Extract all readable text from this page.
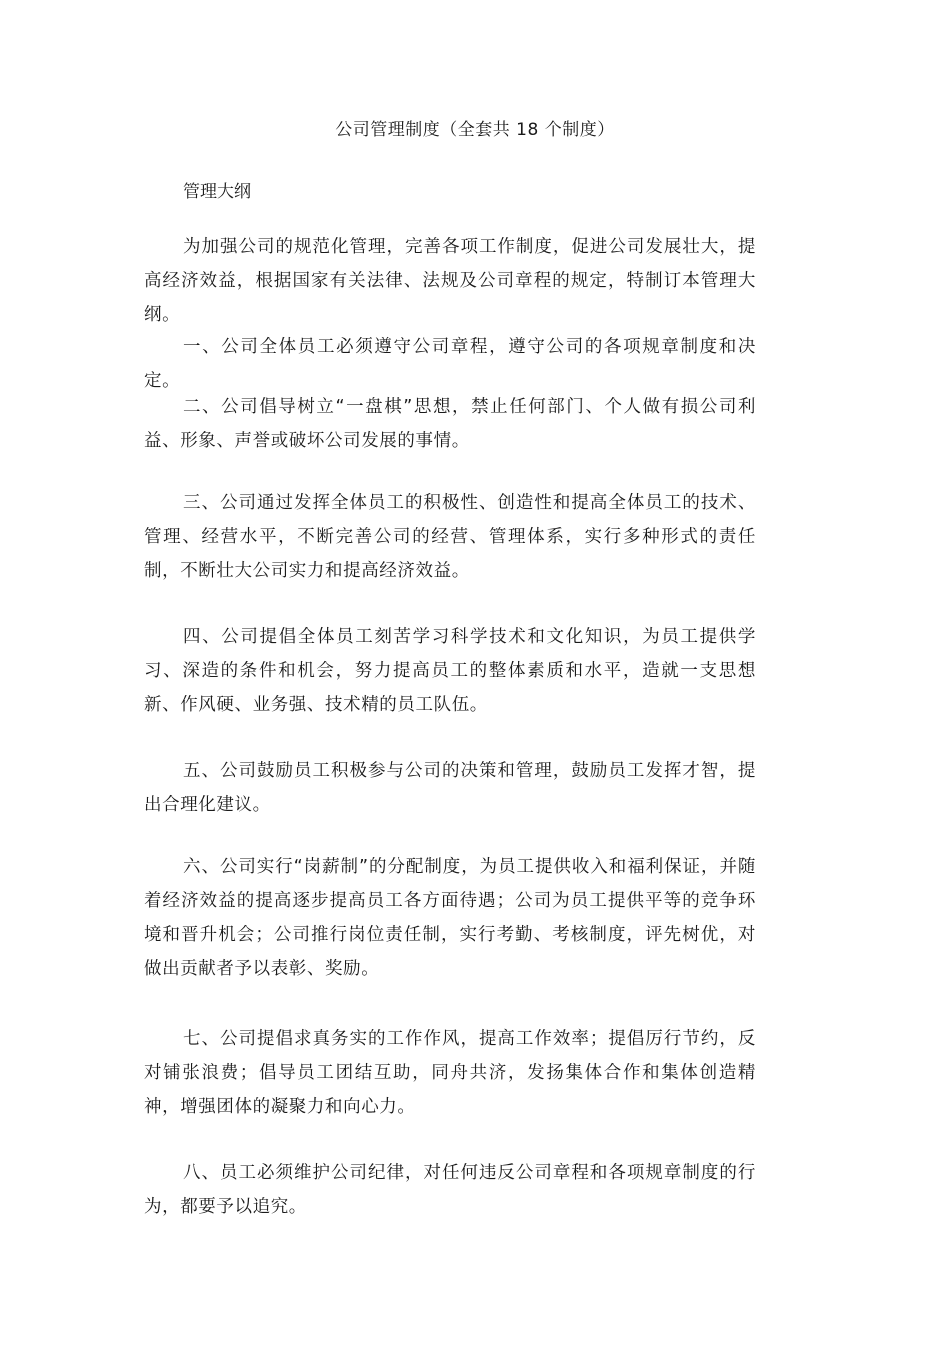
公司管理制度（全套共 18 个制度）
管理大纲

为加强公司的规范化管理，完善各项工作制度，促进公司发展壮大，提高经济效益，根据国家有关法律、法规及公司章程的规定，特制订本管理大纲。

一、公司全体员工必须遵守公司章程，遵守公司的各项规章制度和决定。

二、公司倡导树立“一盘棋”思想，禁止任何部门、个人做有损公司利益、形象、声誉或破坏公司发展的事情。

三、公司通过发挥全体员工的积极性、创造性和提高全体员工的技术、管理、经营水平，不断完善公司的经营、管理体系，实行多种形式的责任制，不断壮大公司实力和提高经济效益。

四、公司提倡全体员工刻苦学习科学技术和文化知识，为员工提供学习、深造的条件和机会，努力提高员工的整体素质和水平，造就一支思想新、作风硬、业务强、技术精的员工队伍。

五、公司鼓励员工积极参与公司的决策和管理，鼓励员工发挥才智，提出合理化建议。

六、公司实行“岗薪制”的分配制度，为员工提供收入和福利保证，并随着经济效益的提高逐步提高员工各方面待遇；公司为员工提供平等的竞争环境和晋升机会；公司推行岗位责任制，实行考勤、考核制度，评先树优，对做出贡献者予以表彰、奖励。

七、公司提倡求真务实的工作作风，提高工作效率；提倡厉行节约，反对铺张浪费；倡导员工团结互助，同舟共济，发扬集体合作和集体创造精神，增强团体的凝聚力和向心力。

八、员工必须维护公司纪律，对任何违反公司章程和各项规章制度的行为，都要予以追究。
